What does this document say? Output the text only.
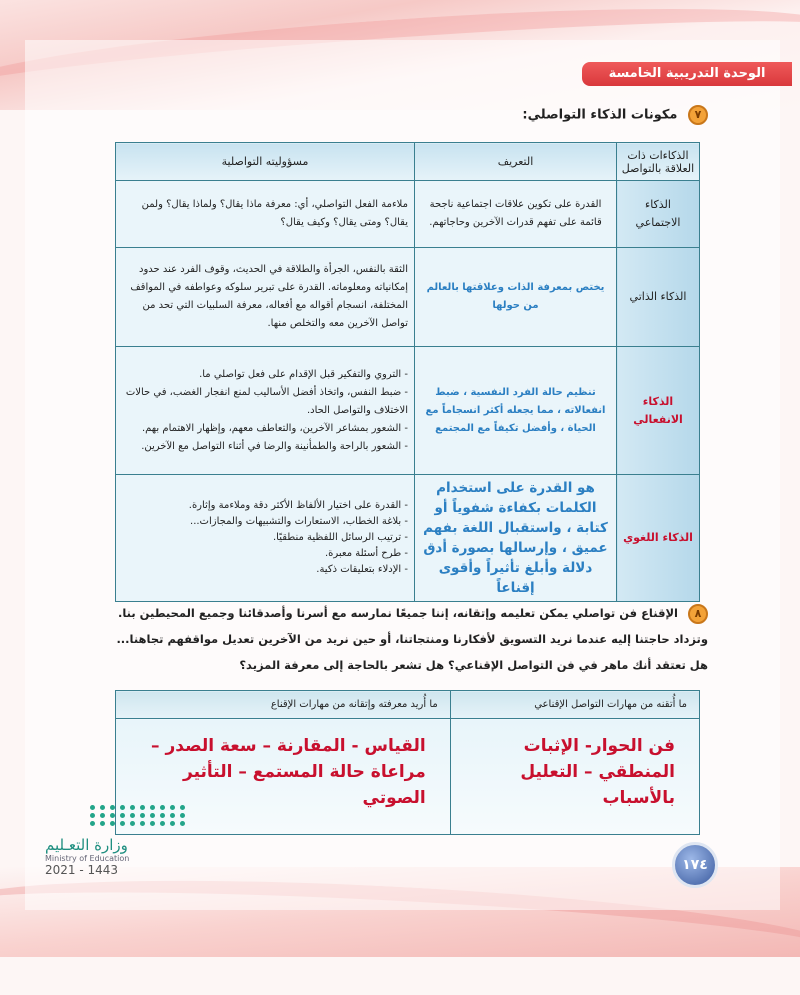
الوحدة التدريبية الخامسة
٧ مكونات الذكاء التواصلي:
الذكاءات ذات العلاقة بالتواصل	التعريف	مسؤوليته التواصلية
الذكاء الاجتماعي	القدرة على تكوين علاقات اجتماعية ناجحة قائمة على تفهم قدرات الآخرين وحاجاتهم.	ملاءمة الفعل التواصلي، أي: معرفة ماذا يقال؟ ولماذا يقال؟ ولمن يقال؟ ومتى يقال؟ وكيف يقال؟
الذكاء الذاتي	يختص بمعرفة الذات وعلاقتها بالعالم من حولها	الثقة بالنفس، الجرأة والطلاقة في الحديث، وقوف الفرد عند حدود إمكانياته ومعلوماته. القدرة على تبرير سلوكه وعواطفه في المواقف المختلفة، انسجام أقواله مع أفعاله، معرفة السلبيات التي تحد من تواصل الآخرين معه والتخلص منها.
الذكاء الانفعالي	تنظيم حالة الفرد النفسية ، ضبط انفعالاته ، مما يجعله أكثر انسجاماً مع الحياة ، وأفضل تكيفاً مع المجتمع	- التروي والتفكير قبل الإقدام على فعل تواصلي ما.
- ضبط النفس، واتخاذ أفضل الأساليب لمنع انفجار الغضب، في حالات الاختلاف والتواصل الحاد.
- الشعور بمشاعر الآخرين، والتعاطف معهم، وإظهار الاهتمام بهم.
- الشعور بالراحة والطمأنينة والرضا في أثناء التواصل مع الآخرين.

الذكاء اللغوي	هو القدرة على استخدام الكلمات بكفاءة شفوياً أو كتابة ، واستقبال اللغة بفهم عميق ، وإرسالها بصورة أدق دلالة وأبلغ تأثيراً وأقوى إقناعاً	- القدرة على اختيار الألفاظ الأكثر دقة وملاءمة وإثارة.
- بلاغة الخطاب، الاستعارات والتشبيهات والمجازات...
- ترتيب الرسائل اللفظية منطقيًا.
- طرح أسئلة معبرة.
- الإدلاء بتعليقات ذكية.
٨ الإقناع فن تواصلي يمكن تعليمه وإتقانه، إننا جميعًا نمارسه مع أسرنا وأصدقائنا وجميع المحيطين بنا. وتزداد حاجتنا إليه عندما نريد التسويق لأفكارنا ومنتجاتنا، أو حين نريد من الآخرين تعديل مواقفهم تجاهنا... هل تعتقد أنك ماهر في فن التواصل الإقناعي؟ هل تشعر بالحاجة إلى معرفة المزيد؟
ما أُتقنه من مهارات التواصل الإقناعي	ما أُريد معرفته وإتقانه من مهارات الإقناع
فن الحوار- الإثبات المنطقي – التعليل بالأسباب	القياس - المقارنة – سعة الصدر – مراعاة حالة المستمع – التأثير الصوتي
وزارة التعـليم
Ministry of Education
2021 - 1443	١٧٤
